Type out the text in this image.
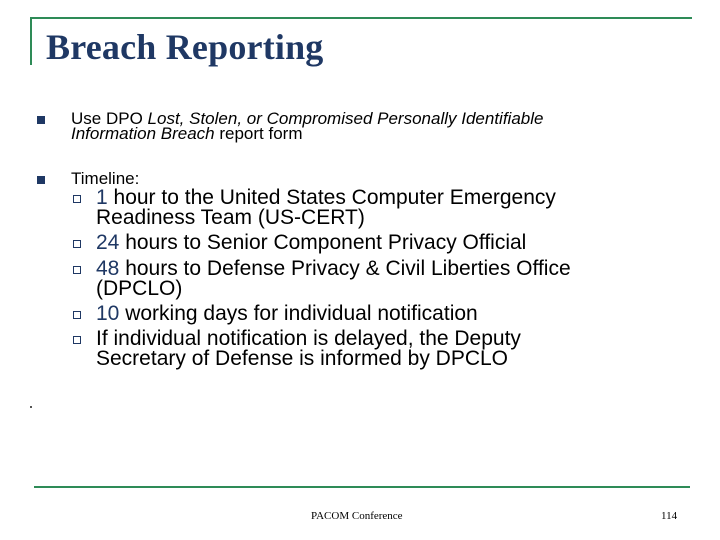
Breach Reporting
Use DPO Lost, Stolen, or Compromised Personally Identifiable
Information Breach report form
Timeline:
1 hour to the United States Computer Emergency
Readiness Team (US-CERT)
24 hours to Senior Component Privacy Official
48 hours to Defense Privacy & Civil Liberties Office
(DPCLO)
10 working days for individual notification
If individual notification is delayed, the Deputy
Secretary of Defense is informed by DPCLO
PACOM Conference	114
